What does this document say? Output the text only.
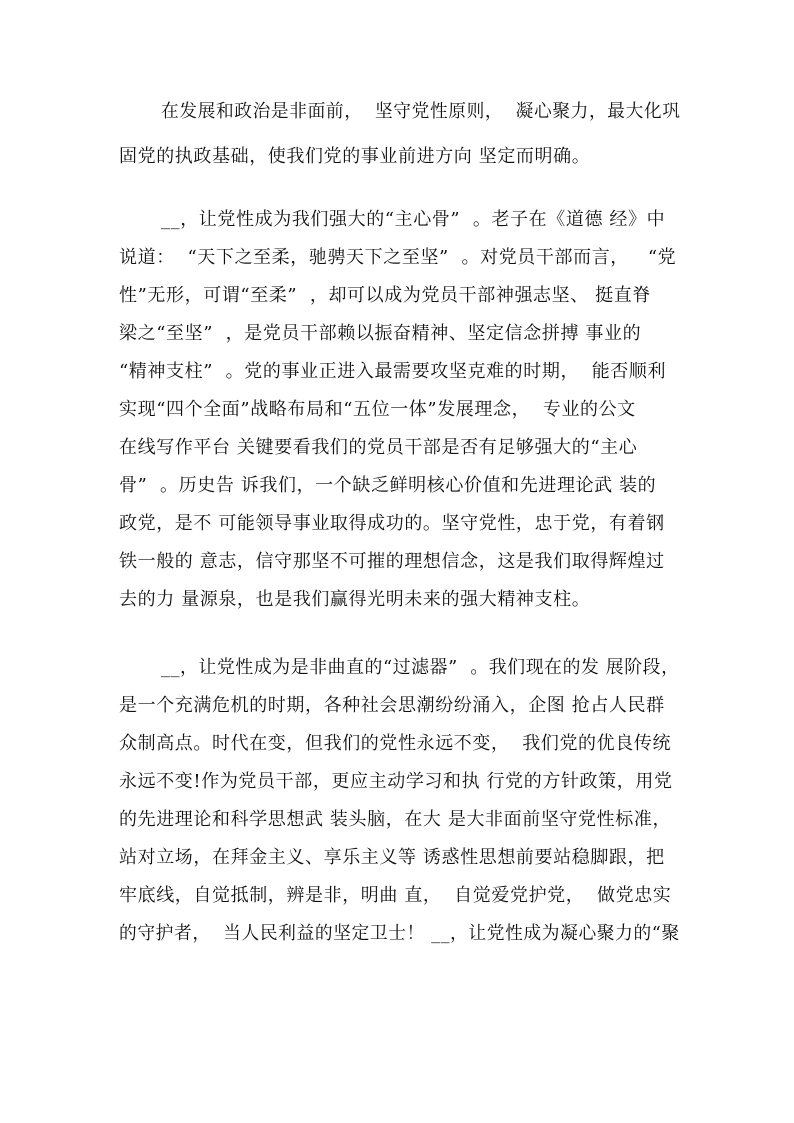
在发展和政治是非面前，  坚守党性原则，  凝心聚力，最大化巩
固党的执政基础，使我们党的事业前进方向 坚定而明确。
__，让党性成为我们强大的“主心骨”  。老子在《道德 经》中
说道：  “天下之至柔，驰骋天下之至坚”  。对党员干部而言，   “党
性”无形，可谓“至柔”  ，却可以成为党员干部神强志坚、 挺直脊
梁之“至坚”  ，是党员干部赖以振奋精神、坚定信念拼搏 事业的
“精神支柱”  。党的事业正进入最需要攻坚克难的时期，  能否顺利
实现“四个全面”战略布局和“五位一体”发展理念，  专业的公文
在线写作平台 关键要看我们的党员干部是否有足够强大的“主心
骨”  。历史告 诉我们，一个缺乏鲜明核心价值和先进理论武 装的
政党，是不 可能领导事业取得成功的。坚守党性，忠于党，有着钢
铁一般的 意志，信守那坚不可摧的理想信念，这是我们取得辉煌过
去的力 量源泉，也是我们赢得光明未来的强大精神支柱。
__，让党性成为是非曲直的“过滤器”  。我们现在的发 展阶段，
是一个充满危机的时期，各种社会思潮纷纷涌入，企图 抢占人民群
众制高点。时代在变，但我们的党性永远不变，  我们党的优良传统
永远不变!作为党员干部，更应主动学习和执 行党的方针政策，用党
的先进理论和科学思想武 装头脑，在大 是大非面前坚守党性标准，
站对立场，在拜金主义、享乐主义等 诱惑性思想前要站稳脚跟，把
牢底线，自觉抵制，辨是非，明曲 直，  自觉爱党护党，  做党忠实
的守护者，  当人民利益的坚定卫士！ __，让党性成为凝心聚力的“聚
